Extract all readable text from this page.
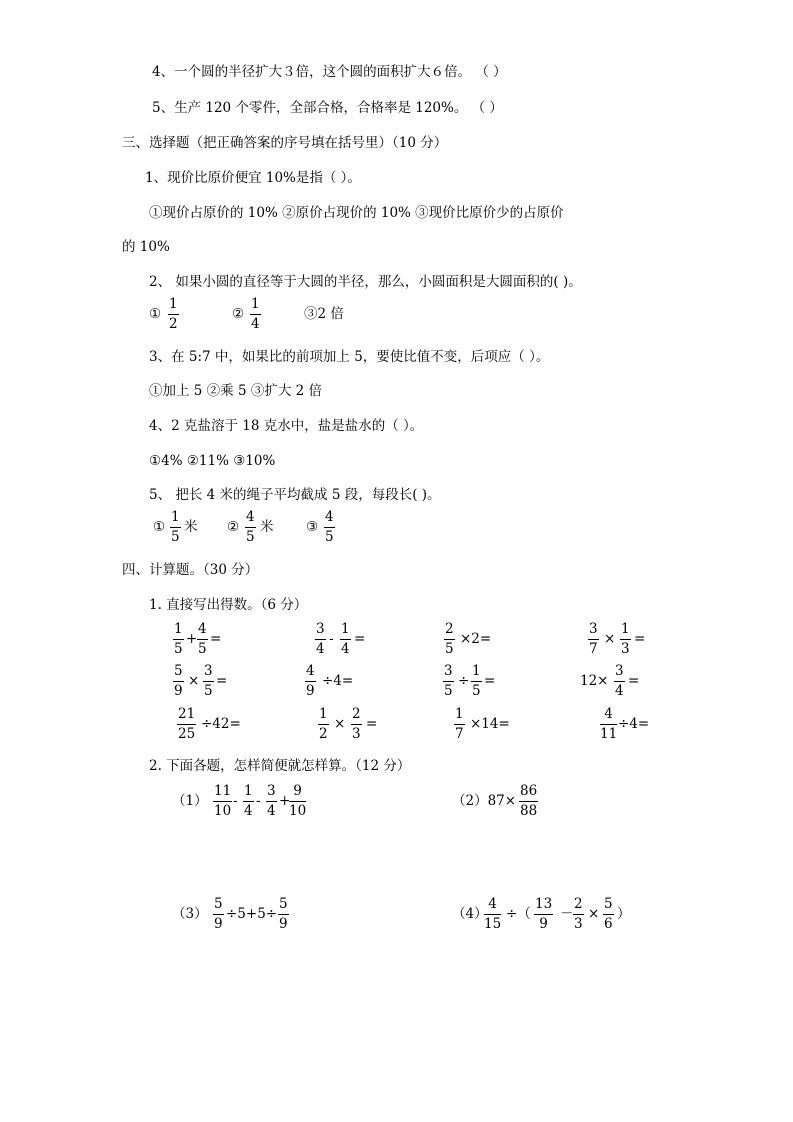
4、一个圆的半径扩大３倍，这个圆的面积扩大６倍。 （ ）
5、生产 120 个零件，全部合格，合格率是 120%。 （ ）
三、选择题（把正确答案的序号填在括号里）（10 分）
1、现价比原价便宜 10%是指（ ）。
①现价占原价的 10% ②原价占现价的 10% ③现价比原价少的占原价
的 10%
2、 如果小圆的直径等于大圆的半径，那么，小圆面积是大圆面积的( )。
①
1
2
②
1
4
③2 倍
3、在 5:7 中，如果比的前项加上 5，要使比值不变，后项应（ ）。
①加上 5 ②乘 5 ③扩大 2 倍
4、2 克盐溶于 18 克水中，盐是盐水的（ ）。
①4% ②11% ③10%
5、 把长 4 米的绳子平均截成 5 段，每段长( )。
①
1
5
米 ②
4
5
米 ③
4
5
四、计算题。（30 分）
1. 直接写出得数。（6 分）
1
5
+
4
5
=
3
4
-
1
4
=
2
5
×2=
3
7
×
1
3
=
5
9
×
3
5
=
4
9
÷4=
3
5
÷
1
5
=	12×
3
4
=
21
25
÷42=
1
2
×
2
3
=
1
7
×14=
4
11
÷4=
2. 下面各题，怎样简便就怎样算。（12 分）
（1）
11
10
-
1
4
-
3
4
+
9
10
（2）87×
86
88
（3）
5
9
÷5+5÷
5
9
（4）
4
15
÷（
13
9
－
2
3
×
5
6
）
